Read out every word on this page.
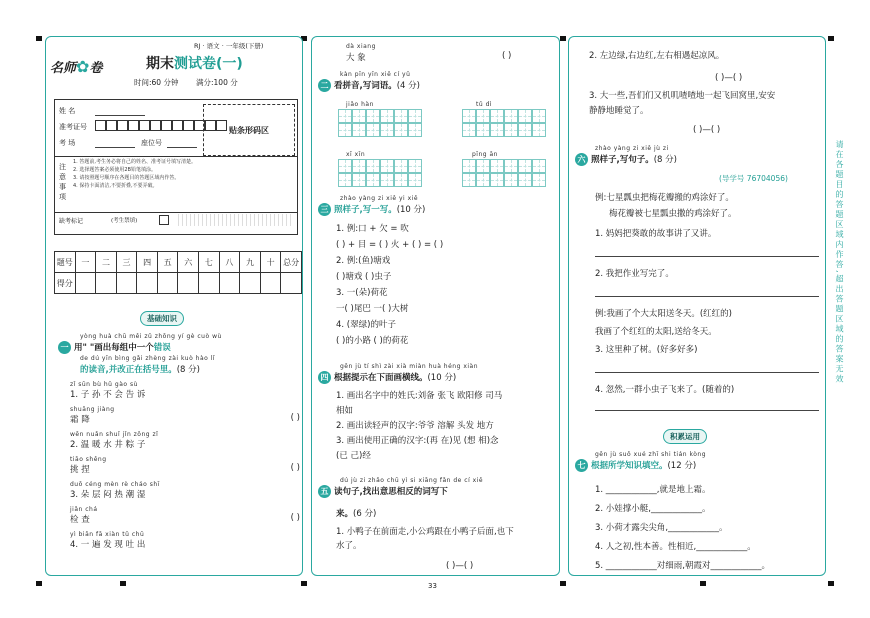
名师✿卷
RJ · 语文 · 一年级(下册)
期末测试卷(一)
时间:60 分钟 满分:100 分
姓 名
准考证号
考 场	座位号
贴条形码区
注意事项
1. 答题前,考生务必将自己的姓名、准考证号填写清楚。
2. 选择题答案必须使用2B铅笔填涂。
3. 请按照题号顺序在各题目的答题区域内作答。
4. 保持卡面清洁,不要折叠,不要弄破。
缺考标记	(考生禁填)
题号	一	二	三	四	五	六	七	八	九	十	总分
得分											
基础知识
yòng huà chū měi zǔ zhōng yí gè cuò wù
一 用" "画出每组中一个错误
de dú yīn bìng gǎi zhèng zài kuò hào lǐ
的读音,并改正在括号里。(8 分)
zǐ sūn bù hǔ gào sù
1. 子 孙 不 会 告 诉
shuāng jiàng
霜 降	( )
wēn nuǎn shuǐ jǐn zōng zǐ
2. 温 暖 水 井 粽 子
tiāo shěng
挑 捏	( )
duō céng mèn rè cháo shī
3. 朵 层 闷 热 潮 湿
jiǎn chá
检 查	( )
yì biān fā xiàn tǔ chū
4. 一 遍 发 现 吐 出
dà xiang
大 象	( )
kàn pīn yīn xiě cí yǔ
二 看拼音,写词语。(4 分)
jiǎo hàn	tǔ dì
xī xīn	pīng ān
zhào yàng zi xiě yi xiě
三 照样子,写一写。(10 分)
1. 例:口 + 欠 = 吹
( ) + 目 = ( ) 火 + ( ) = ( )
2. 例:(鱼)塘戏
( )塘戏 ( )虫子
3. 一(朵)荷花
一( )尾巴 一( )大树
4. (翠绿)的叶子
( )的小路 ( )的荷花
gēn jù tí shì zài xià miàn huà héng xiàn
四 根据提示在下面画横线。(10 分)
1. 画出名字中的姓氏:刘备 张飞 欧阳修 司马
相如
2. 画出读轻声的汉字:爷爷 溶解 头发 地方
3. 画出使用正确的汉字:(再 在)见 (想 相)念
(已 己)经
dú jù zi zhǎo chū yì si xiāng fǎn de cí xiě
五 读句子,找出意思相反的词写下
来。(6 分)
1. 小鸭子在前面走,小公鸡跟在小鸭子后面,也下
水了。
( )—( )
33
2. 左边绿,右边红,左右相遇起凉风。
( )—( )
3. 大一些,吾们们又机叽喳喳地一起飞回窝里,安安
静静地睡觉了。
( )—( )
zhào yàng zi xiě jù zi
六 照样子,写句子。(8 分)
(导学号 76704056)
例:七星瓢虫把梅花瓣搬的鸡涂好了。
梅花瓣被七星瓢虫撒的鸡涂好了。
1. 妈妈把葵敢的故事讲了又讲。
2. 我把作业写完了。
例:我画了个大太阳送冬天。(红红的)
我画了个红红的太阳,送给冬天。
3. 这里种了树。(好多好多)
4. 忽然,一群小虫子飞来了。(随着的)
积累运用
gēn jù suǒ xué zhī shi tián kòng
七 根据所学知识填空。(12 分)
1. ____________,就是地上霜。
2. 小娃撑小艇,____________。
3. 小荷才露尖尖角,____________。
4. 人之初,性本善。性相近,____________。
5. ____________对细雨,朝霞对____________。
请在各题目的答题区域内作答,超出答题区域的答案无效
